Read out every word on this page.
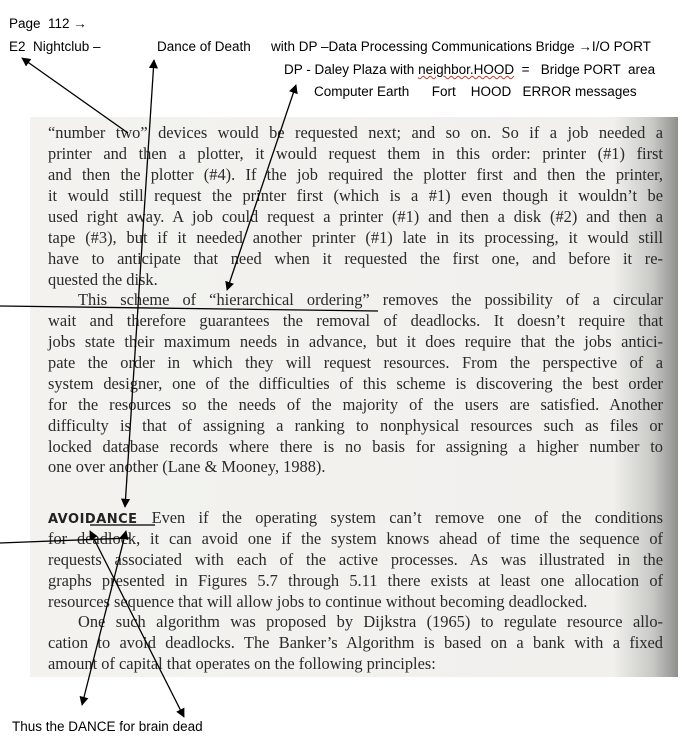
Page  112 →
E2  Nightclub –	Dance of Death with DP –Data Processing Communications Bridge →I/O PORT
DP - Daley Plaza with neighbor.HOOD  =   Bridge PORT  area
Computer Earth      Fort    HOOD   ERROR messages
Thus the DANCE for brain dead
“number two” devices would be requested next; and so on. So if a job needed a
printer and then a plotter, it would request them in this order: printer (#1) first
and then the plotter (#4). If the job required the plotter first and then the printer,
it would still request the printer first (which is a #1) even though it wouldn’t be
used right away. A job could request a printer (#1) and then a disk (#2) and then a
tape (#3), but if it needed another printer (#1) late in its processing, it would still
have to anticipate that need when it requested the first one, and before it re-
quested the disk.
This scheme of “hierarchical ordering” removes the possibility of a circular
wait and therefore guarantees the removal of deadlocks. It doesn’t require that
jobs state their maximum needs in advance, but it does require that the jobs antici-
pate the order in which they will request resources. From the perspective of a
system designer, one of the difficulties of this scheme is discovering the best order
for the resources so the needs of the majority of the users are satisfied. Another
difficulty is that of assigning a ranking to nonphysical resources such as files or
locked database records where there is no basis for assigning a higher number to
one over another (Lane & Mooney, 1988).
AVOIDANCE Even if the operating system can’t remove one of the conditions
for deadlock, it can avoid one if the system knows ahead of time the sequence of
requests associated with each of the active processes. As was illustrated in the
graphs presented in Figures 5.7 through 5.11 there exists at least one allocation of
resources sequence that will allow jobs to continue without becoming deadlocked.
One such algorithm was proposed by Dijkstra (1965) to regulate resource allo-
cation to avoid deadlocks. The Banker’s Algorithm is based on a bank with a fixed
amount of capital that operates on the following principles:
